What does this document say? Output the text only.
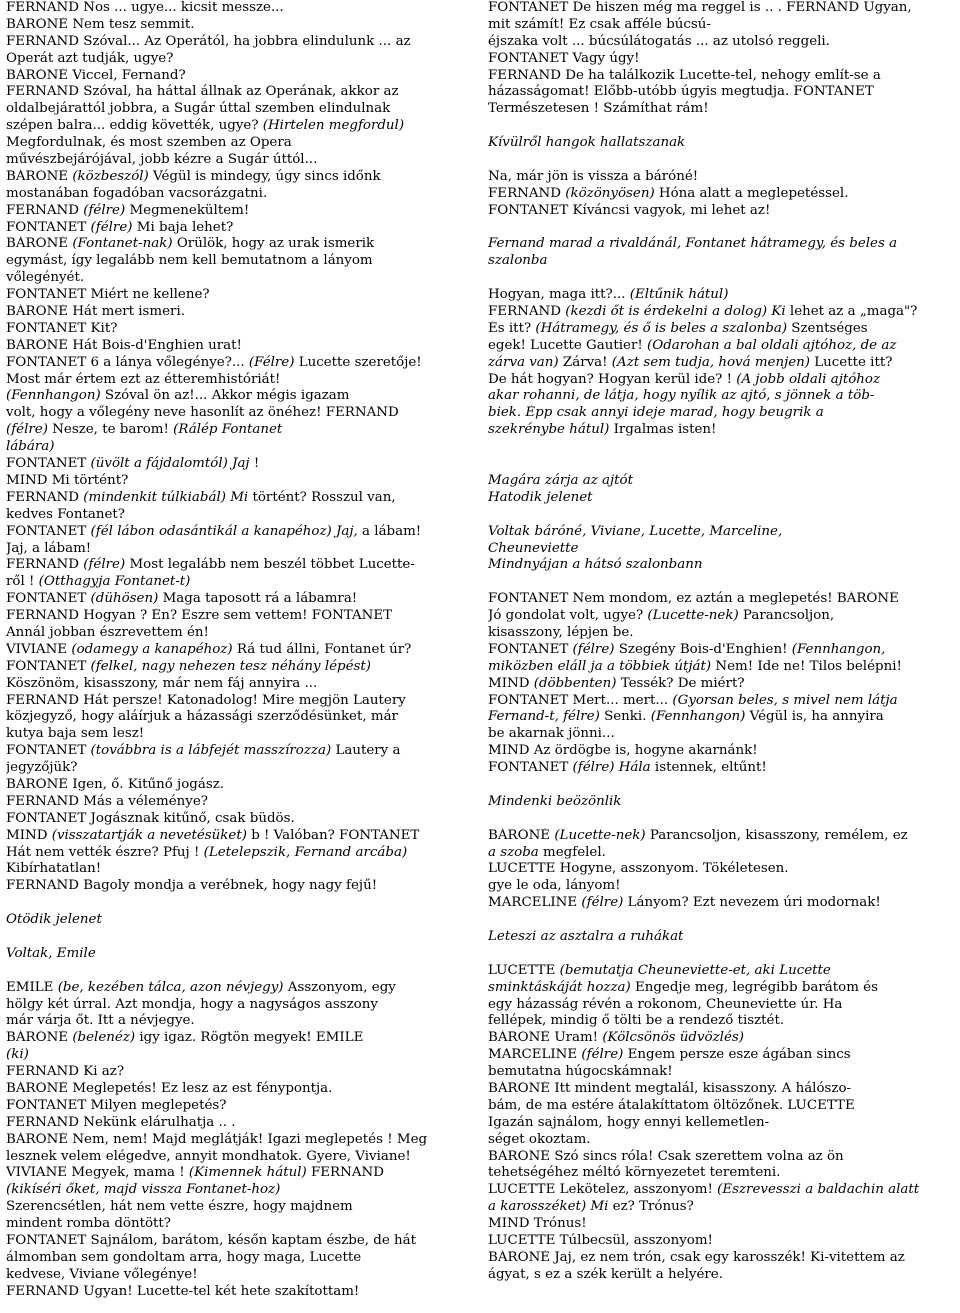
FERNAND Nos ... ugye... kicsit messze...
BÁRÓNÉ Nem tesz semmit.
FERNAND Szóval... Az Operától, ha jobbra elindulunk ... az
Operát azt tudják, ugye?
BÁRÓNÉ Viccel, Fernand?
FERNAND Szóval, ha háttal állnak az Operának, akkor az
oldalbejárattól jobbra, a Sugár úttal szemben elindulnak
szépen balra... eddig követték, ugye? (Hirtelen megfordul)
Megfordulnak, és most szemben az Opera
művészbejárójával, jobb kézre a Sugár úttól...
BÁRÓNÉ (közbeszól) Végül is mindegy, úgy sincs időnk
mostanában fogadóban vacsorázgatni.
FERNAND (félre) Megmenekültem!
FONTANET (félre) Mi baja lehet?
BÁRÓNÉ (Fontanet-nak) Őrülök, hogy az urak ismerik
egymást, így legalább nem kell bemutatnom a lányom
vőlegényét.
FONTANET Miért ne kellene?
BÁRÓNÉ Hát mert ismeri.
FONTANET Kit?
BÁRÓNÉ Hát Bois-d'Enghien urat!
FONTANET 6 a lánya vőlegénye?... (Félre) Lucette szeretője!
Most már értem ezt az étteremhistóriát!
(Fennhangon) Szóval ön az!... Akkor mégis igazam
volt, hogy a vőlegény neve hasonlít az önéhez! FERNAND
(félre) Nesze, te barom! (Rálép Fontanet
lábára)
FONTANET (üvölt a fájdalomtól) Jaj !
MIND Mi történt?
FERNAND (mindenkit túlkiabál) Mi történt? Rosszul van,
kedves Fontanet?
FONTANET (fél lábon odasántikál a kanapéhoz) Jaj, a lábam!
Jaj, a lábam!
FERNAND (félre) Most legalább nem beszél többet Lucette-
ről ! (Otthagyja Fontanet-t)
FONTANET (dühösen) Maga taposott rá a lábamra!
FERNAND Hogyan ? Én? Észre sem vettem! FONTANET
Annál jobban észrevettem én!
VIVIANE (odamegy a kanapéhoz) Rá tud állni, Fontanet úr?
FONTANET (felkel, nagy nehezen tesz néhány lépést)
Köszönöm, kisasszony, már nem fáj annyira ...
FERNAND Hát persze! Katonadolog! Mire megjön Lautery
közjegyző, hogy aláírjuk a házassági szerződésünket, már
kutya baja sem lesz!
FONTANET (továbbra is a lábfejét masszírozza) Lautery a
jegyzőjük?
BÁRÓNÉ Igen, ő. Kitűnő jogász.
FERNAND Más a véleménye?
FONTANET Jogásznak kitűnő, csak büdös.
MIND (visszatartják a nevetésüket) b ! Valóban? FONTANET
Hát nem vették észre? Pfuj ! (Letelepszik, Fernand arcába)
Kibírhatatlan!
FERNAND Bagoly mondja a verébnek, hogy nagy fejű!
Ötödik jelenet
Voltak, Emile
EMILE (be, kezében tálca, azon névjegy) Asszonyom, egy
hölgy két úrral. Azt mondja, hogy a nagyságos asszony
már várja őt. Itt a névjegye.
BÁRÓNÉ (belenéz) igy igaz. Rögtön megyek! EMILE
(ki)
FERNAND Ki az?
BÁRÓNÉ Meglepetés! Ez lesz az est fénypontja.
FONTANET Milyen meglepetés?
FERNAND Nekünk elárulhatja .. .
BÁRÓNÉ Nem, nem! Majd meglátják! Igazi meglepetés ! Meg
lesznek velem elégedve, annyit mondhatok. Gyere, Viviane!
VIVIANE Megyek, mama ! (Kimennek hátul) FERNAND
(kikíséri őket, majd vissza Fontanet-hoz)
Szerencsétlen, hát nem vette észre, hogy majdnem
mindent romba döntött?
FONTANET Sajnálom, barátom, későn kaptam észbe, de hát
álmomban sem gondoltam arra, hogy maga, Lucette
kedvese, Viviane vőlegénye!
FERNAND Ugyan! Lucette-tel két hete szakítottam!
FONTANET De hiszen még ma reggel is .. . FERNAND Ugyan,
mit számít! Ez csak afféle búcsú-
éjszaka volt ... búcsúlátogatás ... az utolsó reggeli.
FONTANET Vagy úgy!
FERNAND De ha találkozik Lucette-tel, nehogy említ-se a
házasságomat! Előbb-utóbb úgyis megtudja. FONTANET
Természetesen ! Számíthat rám!
Kívülről hangok hallatszanak
Na, már jön is vissza a báróné!
FERNAND (közönyösen) Hóna alatt a meglepetéssel.
FONTANET Kíváncsi vagyok, mi lehet az!
Fernand marad a rivaldánál, Fontanet hátramegy, és beles a
szalonba
Hogyan, maga itt?... (Eltűnik hátul)
FERNAND (kezdi őt is érdekelni a dolog) Ki lehet az a „maga"?
És itt? (Hátramegy, és ő is beles a szalonba) Szentséges
egek! Lucette Gautier! (Odarohan a bal oldali ajtóhoz, de az
zárva van) Zárva! (Azt sem tudja, hová menjen) Lucette itt?
De hát hogyan? Hogyan kerül ide? ! (A jobb oldali ajtóhoz
akar rohanni, de látja, hogy nyílik az ajtó, s jönnek a töb-
biek. Épp csak annyi ideje marad, hogy beugrik a
szekrénybe hátul) Irgalmas isten!
Magára zárja az ajtót
Hatodik jelenet
Voltak báróné, Viviane, Lucette, Marceline,
Cheuneviette
Mindnyájan a hátsó szalonbann
FONTANET Nem mondom, ez aztán a meglepetés! BÁRÓNÉ
Jó gondolat volt, ugye? (Lucette-nek) Parancsoljon,
kisasszony, lépjen be.
FONTANET (félre) Szegény Bois-d'Enghien! (Fennhangon,
miközben eláll ja a többiek útját) Nem! Ide ne! Tilos belépni!
MIND (döbbenten) Tessék? De miért?
FONTANET Mert... mert... (Gyorsan beles, s mivel nem látja
Fernand-t, félre) Senki. (Fennhangon) Végül is, ha annyira
be akarnak jönni...
MIND Az ördögbe is, hogyne akarnánk!
FONTANET (félre) Hála istennek, eltűnt!
Mindenki beözönlik
BÁRÓNÉ (Lucette-nek) Parancsoljon, kisasszony, remélem, ez
a szoba megfelel.
LUCETTE Hogyne, asszonyom. Tökéletesen.
gye le oda, lányom!
MARCELINE (félre) Lányom? Ezt nevezem úri modornak!
Leteszi az asztalra a ruhákat
LUCETTE (bemutatja Cheuneviette-et, aki Lucette
sminktáskáját hozza) Engedje meg, legrégibb barátom és
egy házasság révén a rokonom, Cheuneviette úr. Ha
fellépek, mindig ő tölti be a rendező tisztét.
BÁRÓNÉ Uram! (Kölcsönös üdvözlés)
MARCELINE (félre) Engem persze esze ágában sincs
bemutatna húgocskámnak!
BÁRÓNÉ Itt mindent megtalál, kisasszony. A hálószo-
bám, de ma estére átalakíttatom öltözőnek. LUCETTE
Igazán sajnálom, hogy ennyi kellemetlen-
séget okoztam.
BÁRÓNÉ Szó sincs róla! Csak szerettem volna az ön
tehetségéhez méltó környezetet teremteni.
LUCETTE Lekötelez, asszonyom! (Észrevesszi a baldachin alatt
a karosszéket) Mi ez? Trónus?
MIND Trónus!
LUCETTE Túlbecsül, asszonyom!
BÁRÓNÉ Jaj, ez nem trón, csak egy karosszék! Ki-vitettem az
ágyat, s ez a szék került a helyére.
